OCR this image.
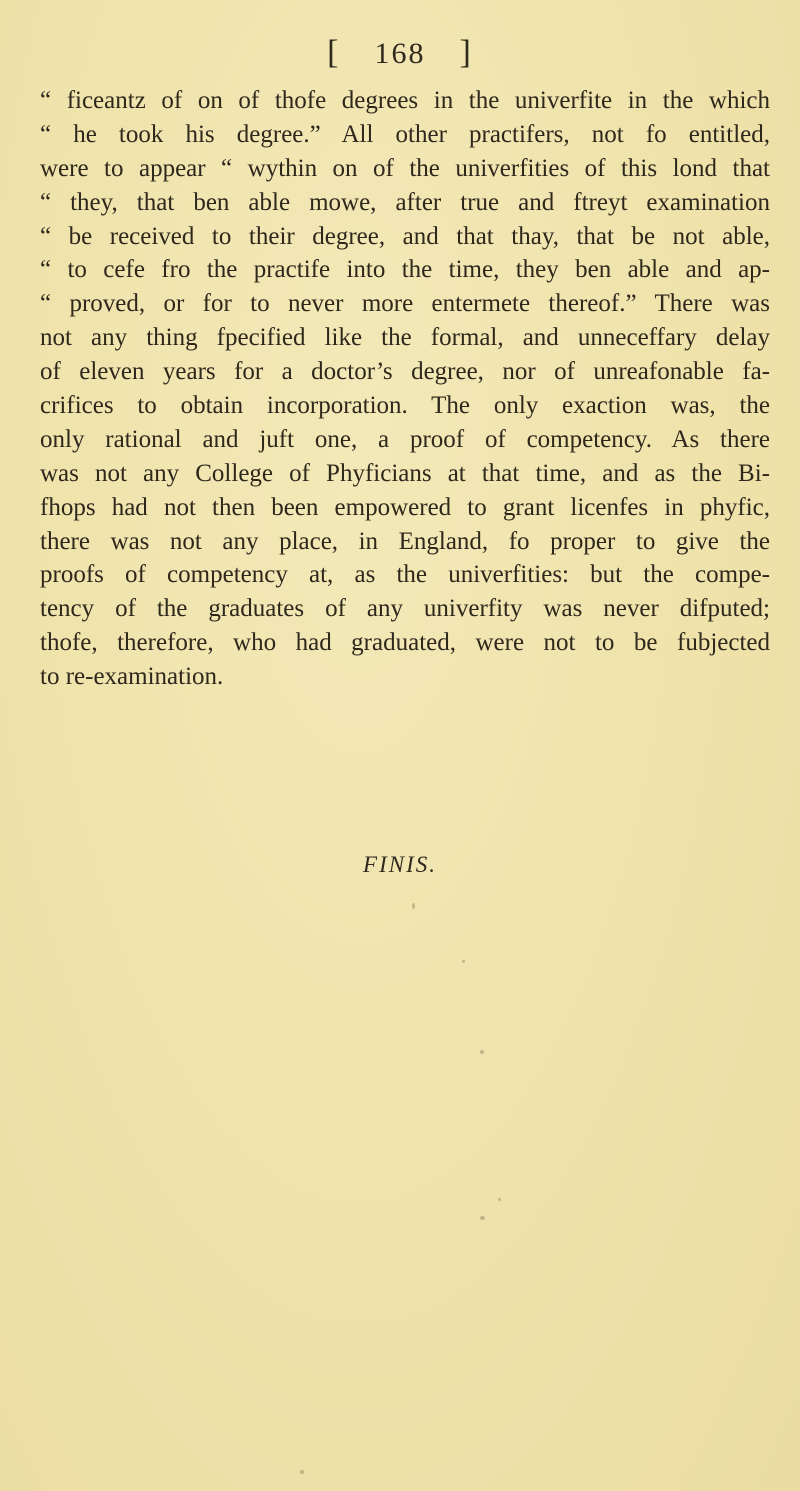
[ 168 ]
“ ficeantz of on of thofe degrees in the univerfite in the which
“ he took his degree.” All other practifers, not fo entitled,
were to appear “ wythin on of the univerfities of this lond that
“ they, that ben able mowe, after true and ftreyt examination
“ be received to their degree, and that thay, that be not able,
“ to cefe fro the practife into the time, they ben able and ap-
“ proved, or for to never more entermete thereof.” There was
not any thing fpecified like the formal, and unneceffary delay
of eleven years for a doctor’s degree, nor of unreafonable fa-
crifices to obtain incorporation. The only exaction was, the
only rational and juft one, a proof of competency. As there
was not any College of Phyficians at that time, and as the Bi-
fhops had not then been empowered to grant licenfes in phyfic,
there was not any place, in England, fo proper to give the
proofs of competency at, as the univerfities: but the compe-
tency of the graduates of any univerfity was never difputed;
thofe, therefore, who had graduated, were not to be fubjected
to re-examination.
FINIS.
